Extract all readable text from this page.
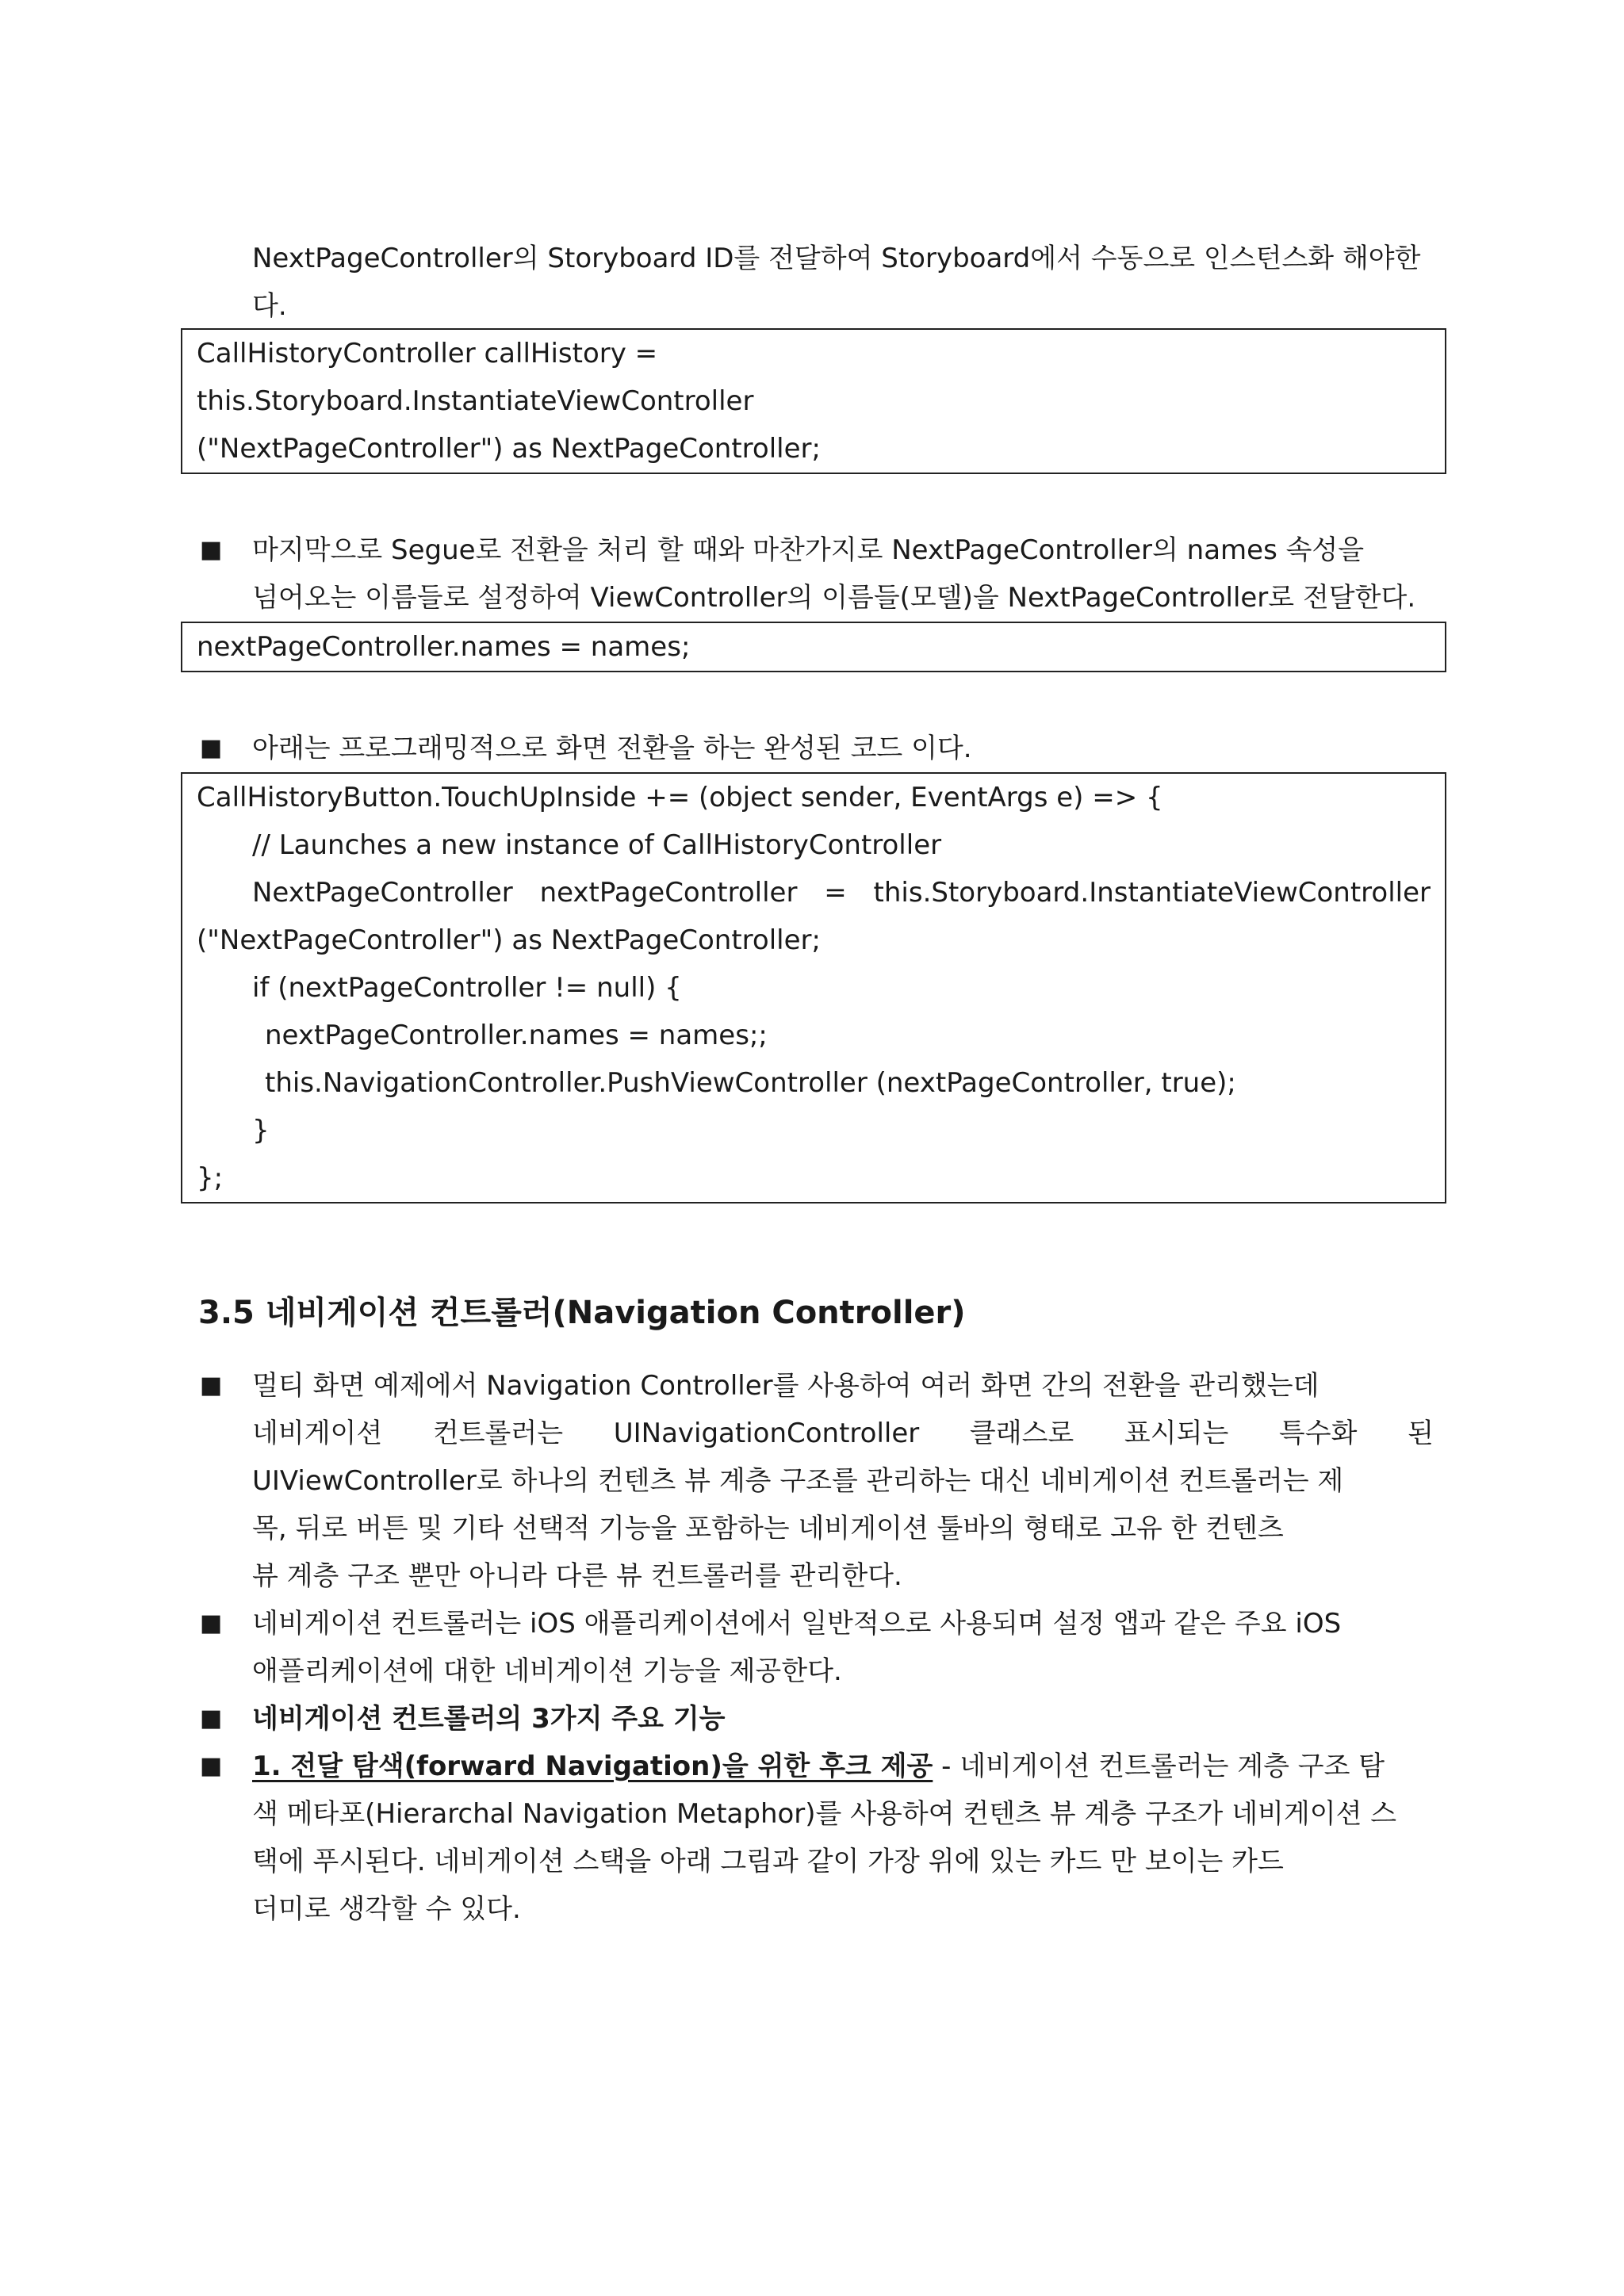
NextPageController의 Storyboard ID를 전달하여 Storyboard에서 수동으로 인스턴스화 해야한
다.
CallHistoryController callHistory =
this.Storyboard.InstantiateViewController
("NextPageController") as NextPageController;
■ 마지막으로 Segue로 전환을 처리 할 때와 마찬가지로 NextPageController의 names 속성을
넘어오는 이름들로 설정하여 ViewController의 이름들(모델)을 NextPageController로 전달한다.
nextPageController.names = names;
■ 아래는 프로그래밍적으로 화면 전환을 하는 완성된 코드 이다.
CallHistoryButton.TouchUpInside += (object sender, EventArgs e) => {
// Launches a new instance of CallHistoryController
NextPageController nextPageController = this.Storyboard.InstantiateViewController
("NextPageController") as NextPageController;
if (nextPageController != null) {
nextPageController.names = names;;
this.NavigationController.PushViewController (nextPageController, true);
}
};
3.5 네비게이션 컨트롤러(Navigation Controller)
■ 멀티 화면 예제에서 Navigation Controller를 사용하여 여러 화면 간의 전환을 관리했는데
네비게이션 컨트롤러는 UINavigationController 클래스로 표시되는 특수화 된
UIViewController로 하나의 컨텐츠 뷰 계층 구조를 관리하는 대신 네비게이션 컨트롤러는 제
목, 뒤로 버튼 및 기타 선택적 기능을 포함하는 네비게이션 툴바의 형태로 고유 한 컨텐츠
뷰 계층 구조 뿐만 아니라 다른 뷰 컨트롤러를 관리한다.
■ 네비게이션 컨트롤러는 iOS 애플리케이션에서 일반적으로 사용되며 설정 앱과 같은 주요 iOS
애플리케이션에 대한 네비게이션 기능을 제공한다.
■ 네비게이션 컨트롤러의 3가지 주요 기능
■ 1. 전달 탐색(forward Navigation)을 위한 후크 제공 - 네비게이션 컨트롤러는 계층 구조 탐
색 메타포(Hierarchal Navigation Metaphor)를 사용하여 컨텐츠 뷰 계층 구조가 네비게이션 스
택에 푸시된다. 네비게이션 스택을 아래 그림과 같이 가장 위에 있는 카드 만 보이는 카드
더미로 생각할 수 있다.
